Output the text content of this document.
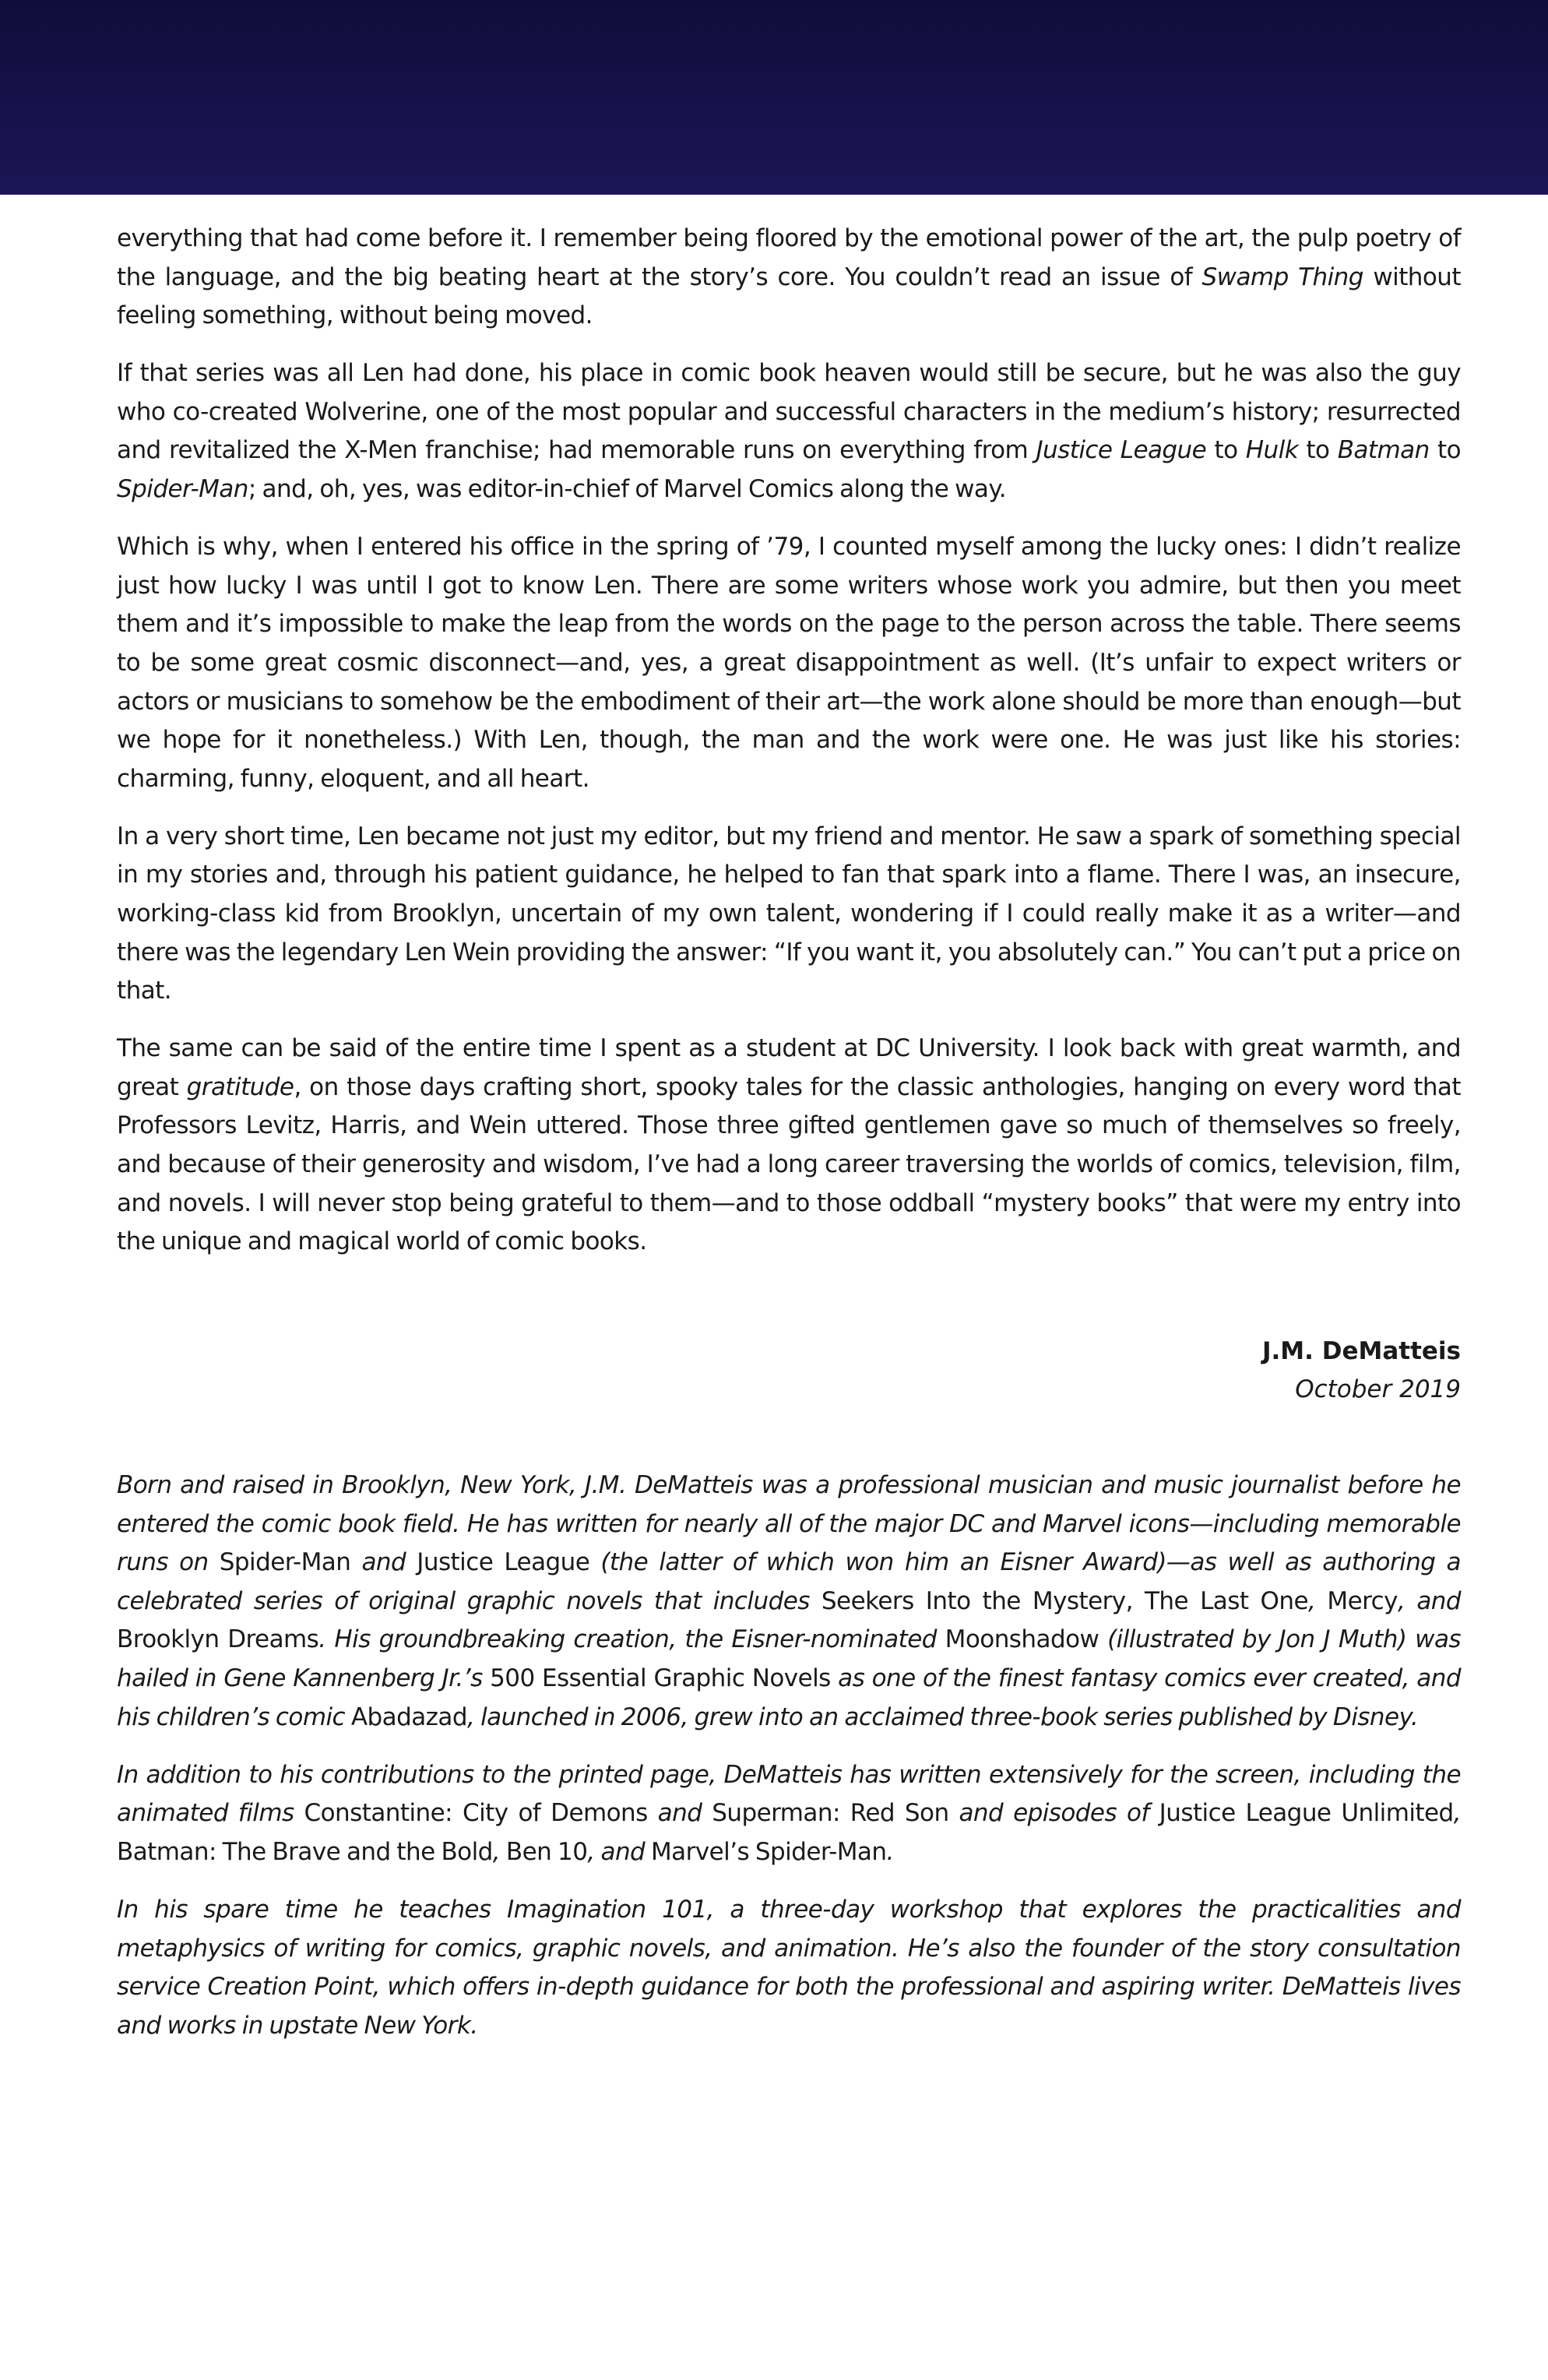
everything that had come before it. I remember being floored by the emotional power of the art, the pulp poetry of the language, and the big beating heart at the story’s core. You couldn’t read an issue of Swamp Thing without feeling something, without being moved.

If that series was all Len had done, his place in comic book heaven would still be secure, but he was also the guy who co-created Wolverine, one of the most popular and successful characters in the medium’s history; resurrected and revitalized the X-Men franchise; had memorable runs on everything from Justice League to Hulk to Batman to Spider-Man; and, oh, yes, was editor-in-chief of Marvel Comics along the way.

Which is why, when I entered his office in the spring of ’79, I counted myself among the lucky ones: I didn’t realize just how lucky I was until I got to know Len. There are some writers whose work you admire, but then you meet them and it’s impossible to make the leap from the words on the page to the person across the table. There seems to be some great cosmic disconnect—and, yes, a great disappointment as well. (It’s unfair to expect writers or actors or musicians to somehow be the embodiment of their art—the work alone should be more than enough—but we hope for it nonetheless.) With Len, though, the man and the work were one. He was just like his stories: charming, funny, eloquent, and all heart.

In a very short time, Len became not just my editor, but my friend and mentor. He saw a spark of something special in my stories and, through his patient guidance, he helped to fan that spark into a flame. There I was, an insecure, working-class kid from Brooklyn, uncertain of my own talent, wondering if I could really make it as a writer—and there was the legendary Len Wein providing the answer: “If you want it, you absolutely can.” You can’t put a price on that.

The same can be said of the entire time I spent as a student at DC University. I look back with great warmth, and great gratitude, on those days crafting short, spooky tales for the classic anthologies, hanging on every word that Professors Levitz, Harris, and Wein uttered. Those three gifted gentlemen gave so much of themselves so freely, and because of their generosity and wisdom, I’ve had a long career traversing the worlds of comics, television, film, and novels. I will never stop being grateful to them—and to those oddball “mystery books” that were my entry into the unique and magical world of comic books.

J.M. DeMatteis
October 2019

Born and raised in Brooklyn, New York, J.M. DeMatteis was a professional musician and music journalist before he entered the comic book field. He has written for nearly all of the major DC and Marvel icons—including memorable runs on Spider-Man and Justice League (the latter of which won him an Eisner Award)—as well as authoring a celebrated series of original graphic novels that includes Seekers Into the Mystery, The Last One, Mercy, and Brooklyn Dreams. His groundbreaking creation, the Eisner-nominated Moonshadow (illustrated by Jon J Muth) was hailed in Gene Kannenberg Jr.’s 500 Essential Graphic Novels as one of the finest fantasy comics ever created, and his children’s comic Abadazad, launched in 2006, grew into an acclaimed three-book series published by Disney.

In addition to his contributions to the printed page, DeMatteis has written extensively for the screen, including the animated films Constantine: City of Demons and Superman: Red Son and episodes of Justice League Unlimited, Batman: The Brave and the Bold, Ben 10, and Marvel’s Spider-Man.

In his spare time he teaches Imagination 101, a three-day workshop that explores the practicalities and metaphysics of writing for comics, graphic novels, and animation. He’s also the founder of the story consultation service Creation Point, which offers in-depth guidance for both the professional and aspiring writer. DeMatteis lives and works in upstate New York.
